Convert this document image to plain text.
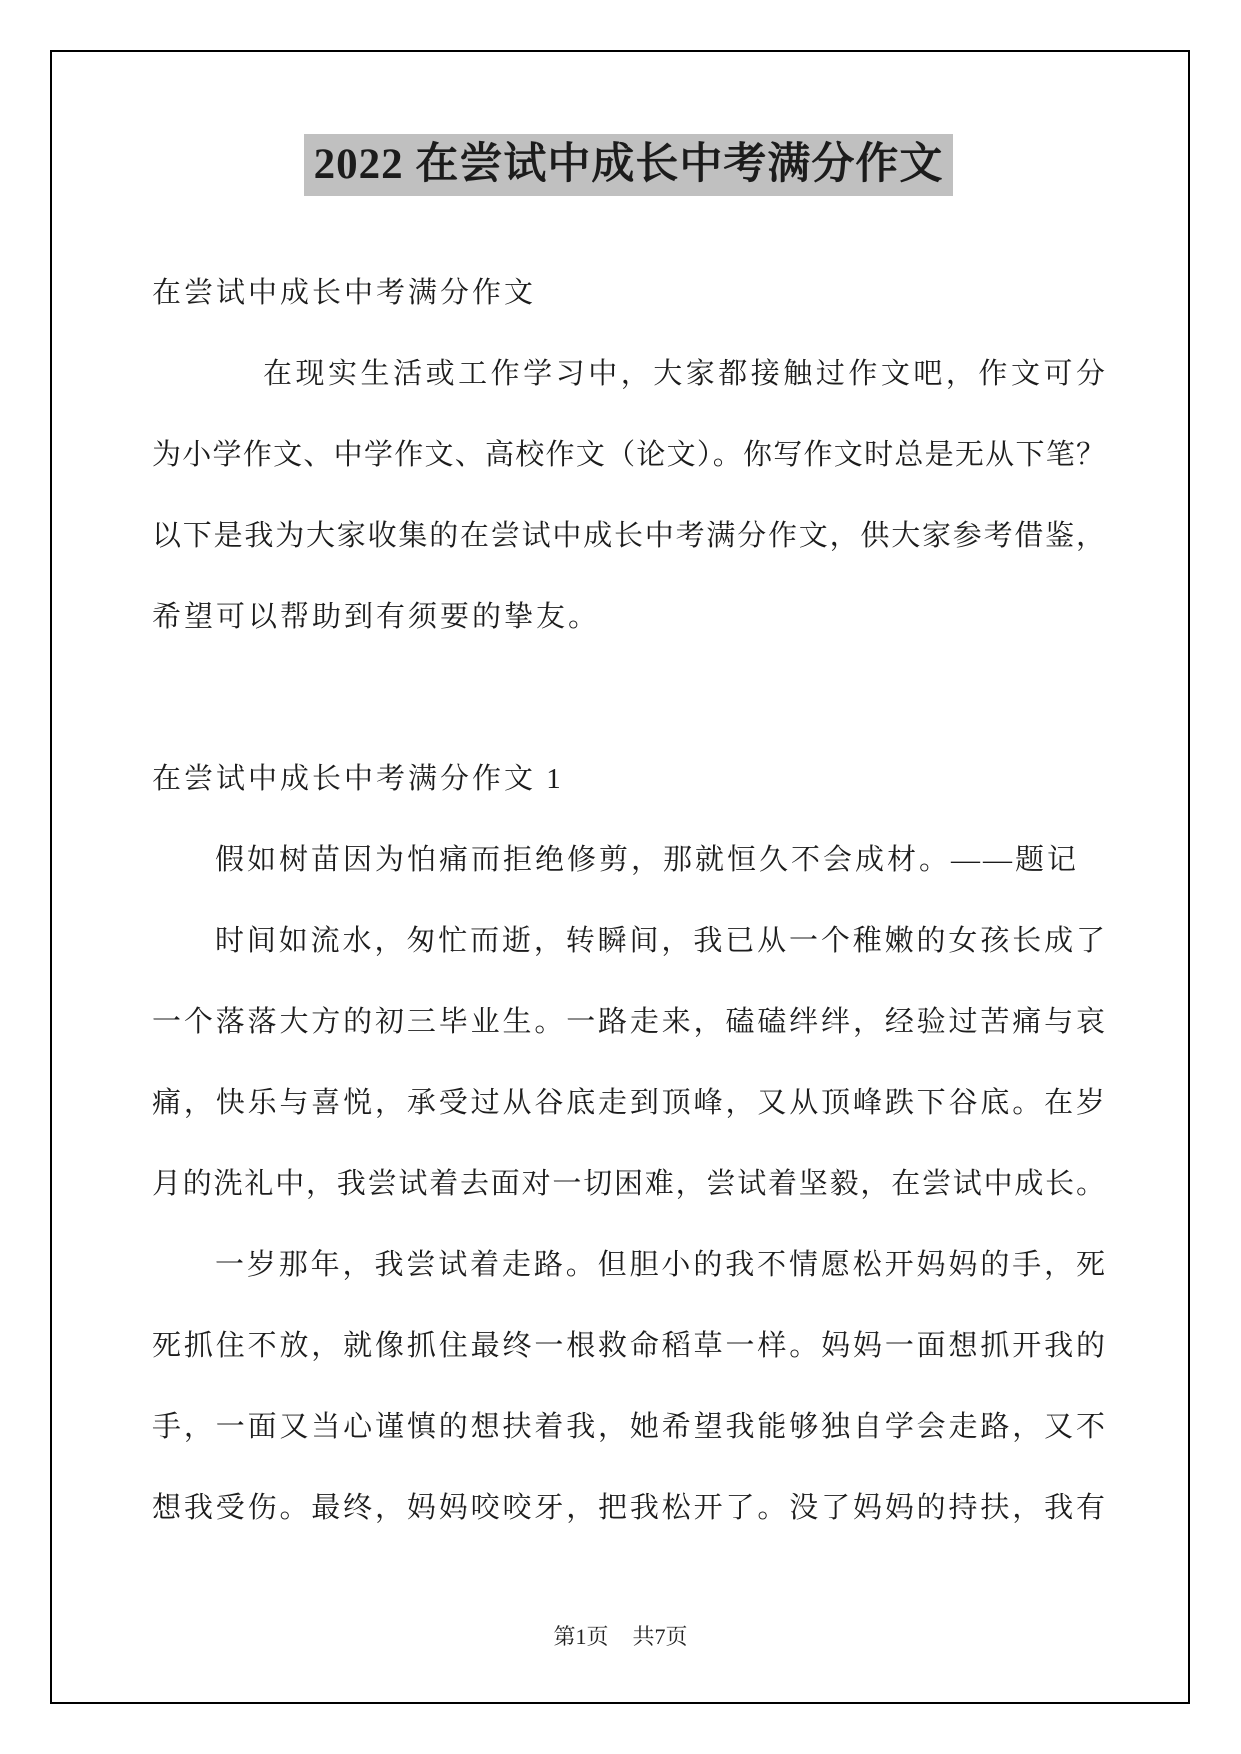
2022 在尝试中成长中考满分作文
在尝试中成长中考满分作文
在现实生活或工作学习中，大家都接触过作文吧，作文可分
为小学作文、中学作文、高校作文（论文）。你写作文时总是无从下笔？
以下是我为大家收集的在尝试中成长中考满分作文，供大家参考借鉴，
希望可以帮助到有须要的挚友。
在尝试中成长中考满分作文 1
假如树苗因为怕痛而拒绝修剪，那就恒久不会成材。——题记
时间如流水，匆忙而逝，转瞬间，我已从一个稚嫩的女孩长成了
一个落落大方的初三毕业生。一路走来，磕磕绊绊，经验过苦痛与哀
痛，快乐与喜悦，承受过从谷底走到顶峰，又从顶峰跌下谷底。在岁
月的洗礼中，我尝试着去面对一切困难，尝试着坚毅，在尝试中成长。
一岁那年，我尝试着走路。但胆小的我不情愿松开妈妈的手，死
死抓住不放，就像抓住最终一根救命稻草一样。妈妈一面想抓开我的
手，一面又当心谨慎的想扶着我，她希望我能够独自学会走路，又不
想我受伤。最终，妈妈咬咬牙，把我松开了。没了妈妈的持扶，我有
第1页 共7页
